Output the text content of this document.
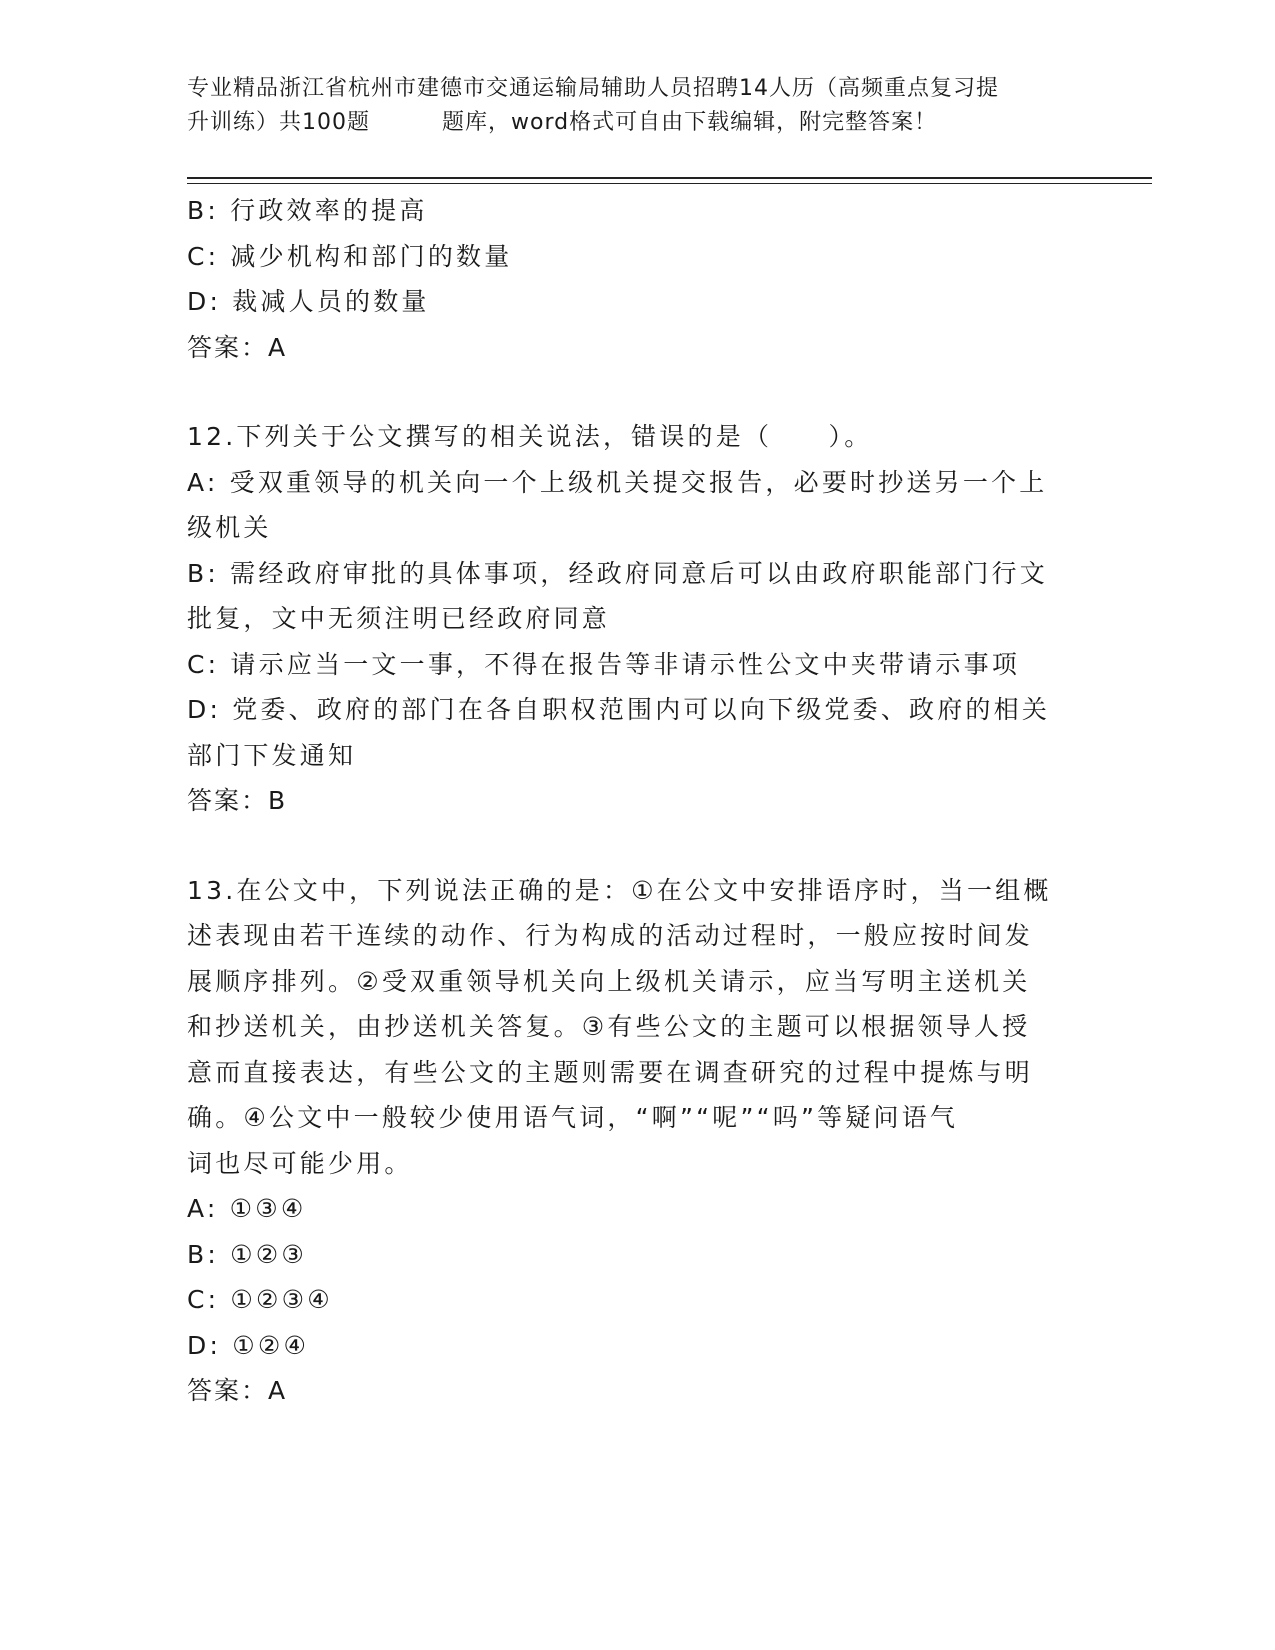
专业精品浙江省杭州市建德市交通运输局辅助人员招聘14人历（高频重点复习提
升训练）共100题	题库，word格式可自由下载编辑，附完整答案！
B: 行政效率的提高
C: 减少机构和部门的数量
D: 裁减人员的数量
答案：A
12.下列关于公文撰写的相关说法，错误的是（　　）。
A: 受双重领导的机关向一个上级机关提交报告，必要时抄送另一个上
级机关
B: 需经政府审批的具体事项，经政府同意后可以由政府职能部门行文
批复，文中无须注明已经政府同意
C: 请示应当一文一事，不得在报告等非请示性公文中夹带请示事项
D: 党委、政府的部门在各自职权范围内可以向下级党委、政府的相关
部门下发通知
答案：B
13.在公文中，下列说法正确的是：①在公文中安排语序时，当一组概
述表现由若干连续的动作、行为构成的活动过程时，一般应按时间发
展顺序排列。②受双重领导机关向上级机关请示，应当写明主送机关
和抄送机关，由抄送机关答复。③有些公文的主题可以根据领导人授
意而直接表达，有些公文的主题则需要在调查研究的过程中提炼与明
确。④公文中一般较少使用语气词，“啊”“呢”“吗”等疑问语气
词也尽可能少用。
A: ①③④
B: ①②③
C: ①②③④
D: ①②④
答案：A
